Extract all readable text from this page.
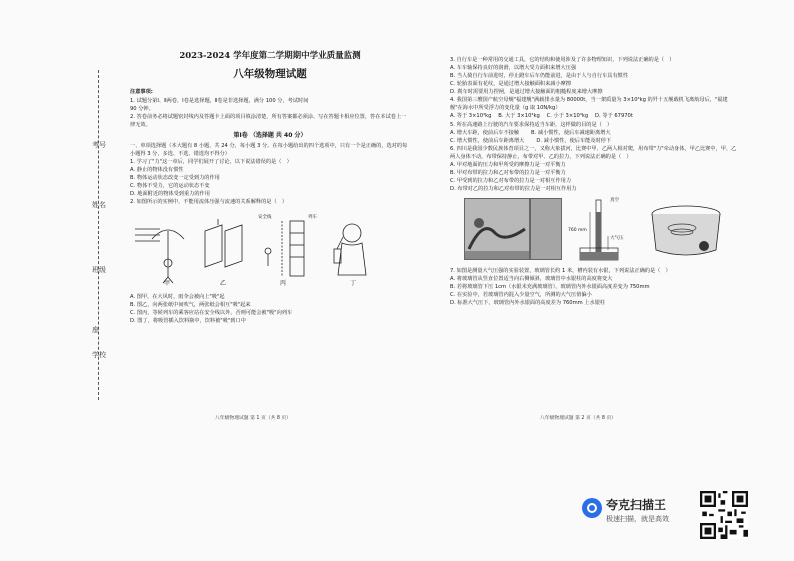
考号
姓名
班级
座
学校

2023-2024 学年度第二学期期中学业质量监测

八年级物理试题

注意事项:

1. 试题分第Ⅰ、Ⅱ两卷，Ⅰ卷是选择题，Ⅱ卷是非选择题，满分 100 分，考试时间

90 分钟。

2. 答卷前务必将试题密封线内及答题卡上面的项目填涂清楚，所有答案都必须涂、写在答题卡相应位置，答在本试卷上一律无效。

第Ⅰ卷 （选择题 共 40 分）

一、单项选择题（本大题有 8 小题，共 24 分，每小题 3 分。在每小题给出的四个选项中，只有一个是正确的，选对的每小题得 3 分，多选、不选、错选均不得分）

1. 学习了"力"这一章后，同学们展开了讨论，以下说法错误的是（　）

A. 静止的物体没有惯性

B. 物体运动状态改变一定受到力的作用

C. 物体不受力，它的运动状态不变

D. 地面附近的物体受到重力的作用

2. 如图所示的实例中，不能用流体压强与流速的关系解释的是（　）

甲	乙	丙	丁
安全线	列车

A. 图甲，在大风时，雨伞会被向上"吸"起

B. 图乙，向两张纸中间吹气，两张纸会相互"吸"起来

C. 图丙，等候列车的乘客应站在安全线以外，否则可能会被"吸"向列车

D. 图丁，将吸管插入饮料瓶中，饮料被"吸"到口中

八年级物理试题 第 1 页（共 8 页）

3. 自行车是一种常用的交通工具，它的结构和使用涉及了许多物理知识，下列说法正确的是（　）

A. 车车轴保持良好的润滑，以增大受力面积来增大压强

B. 当人骑自行车前进时，停止蹬车后车仍能前进，是由于人与自行车具有惯性

C. 轮胎表面有花纹，是通过增大接触面积来减小摩擦

D. 刹车时需要用力捏闸，是通过增大接触面的粗糙程度来增大摩擦

4. 我国第三艘国产航空母舰"福建舰"满载排水量为 80000t，当一架质量为 3×10⁴kg 的歼十五舰载机飞离航母后，"福建舰"在海水中所受浮力的变化量（g 取 10N/kg）

A. 等于 3×10⁴kg　 B. 大于 3×10⁴kg　 C. 小于 3×10⁴kg　 D. 等于 67970t

5. 所在高速路上行驶的汽车要求保持适当车距，这样做的目的是（　）

A. 增大车距，使前后车不接触　　 B. 减小惯性，使后车减速距离增大

C. 增大惯性，使前后车距离增大　　 D. 减小惯性，使后车能及时停下

6. 四川是我国少数民族体育项目之一，又称大象拔河，比赛中甲、乙两人相对爬，用布带"力"牵动身体，甲乙比赛中，甲、乙两人身体不动，布带保持静止，布带对甲、乙的拉力，下列说法正确的是（　）

A. 甲对地面的压力和甲所受的摩擦力是一对平衡力

B. 甲对布带的拉力和乙对布带的拉力是一对平衡力

C. 甲受到的拉力和乙对布带的拉力是一对相互作用力

D. 布带对乙的拉力和乙对布带的拉力是一对相互作用力

真空
大气压
760 mm

7. 如图是测量大气压强的实验装置，玻璃管长约 1 米，槽内装有水银，下列说法正确的是（　）

A. 将玻璃管从竖直位置适当向右侧倾斜，玻璃管中水银柱的高度将变大

B. 若将玻璃管下压 1cm（水银未充满玻璃管），玻璃管内外水银面高度差变为 750mm

C. 在实验中，若玻璃管内混入少量空气，所测的大气压值偏小

D. 标准大气压下，玻璃管内外水银面的高度差为 760mm 上水银柱

八年级物理试题 第 2 页（共 8 页）
夸克扫描王
极速扫描，就是高效
